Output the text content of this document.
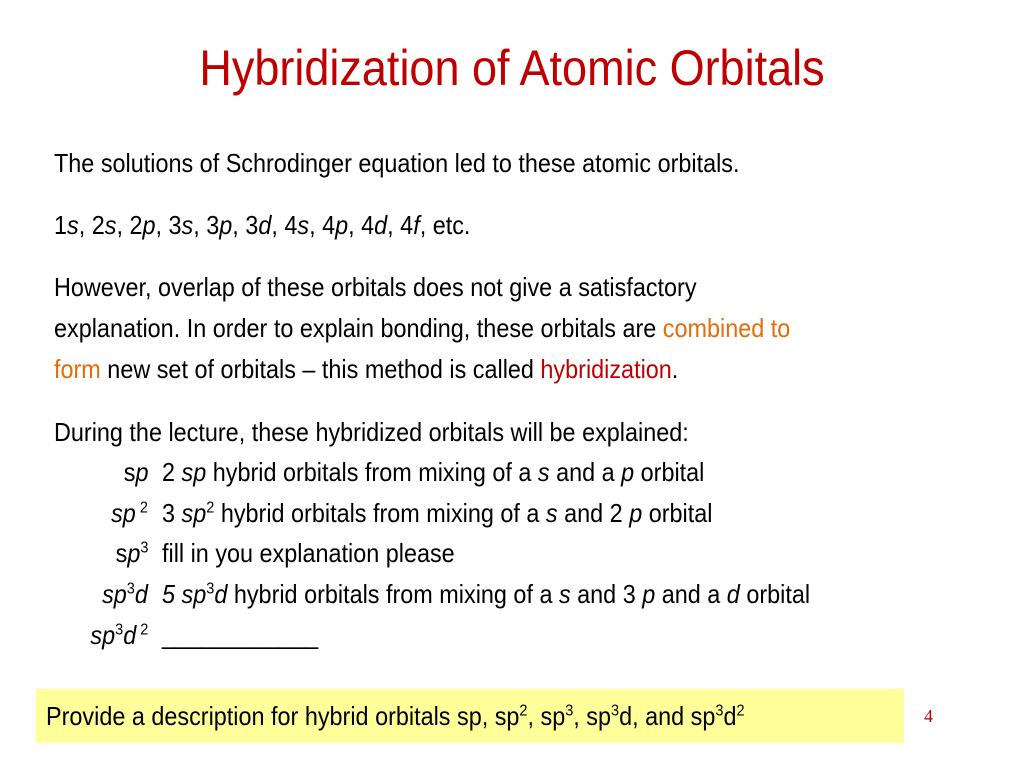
Hybridization of Atomic Orbitals
The solutions of Schrodinger equation led to these atomic orbitals.
1s, 2s, 2p, 3s, 3p, 3d, 4s, 4p, 4d, 4f, etc.
However, overlap of these orbitals does not give a satisfactory
explanation. In order to explain bonding, these orbitals are combined to
form new set of orbitals – this method is called hybridization.
During the lecture, these hybridized orbitals will be explained:
sp 2 sp hybrid orbitals from mixing of a s and a p orbital
sp $^2$ 3 $sp^2$ hybrid orbitals from mixing of a s and 2 p orbital
$sp^3$ fill in you explanation please
$sp^3d$ 5 $sp^3d$ hybrid orbitals from mixing of a s and 3 p and a d orbital
$sp^3d$ $^2$ ____________
Provide a description for hybrid orbitals sp, $sp^2$, $sp^3$, $sp^3d$, and $sp^3d^2$	4
